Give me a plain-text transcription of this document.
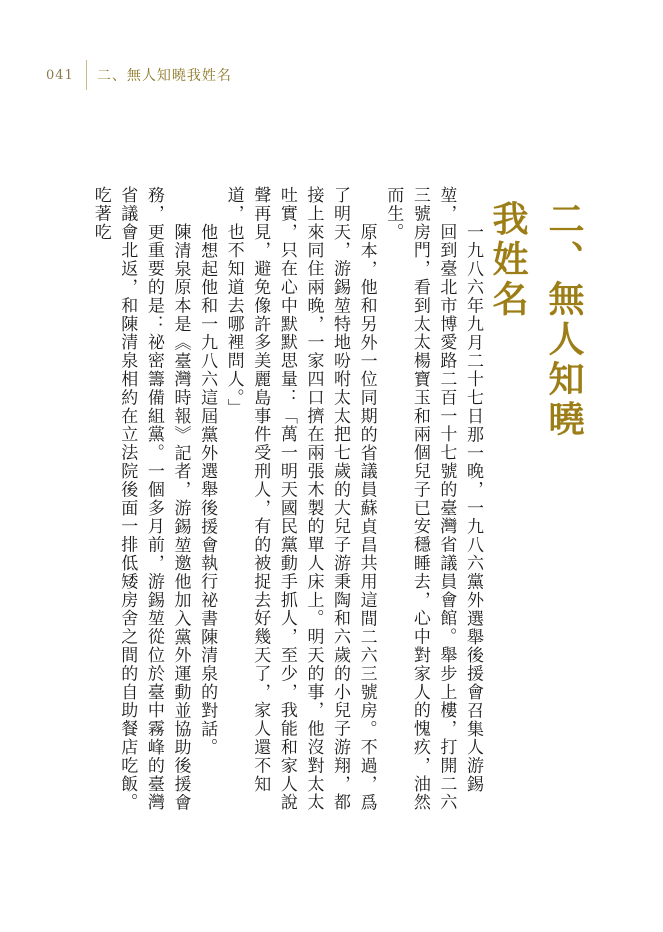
041 二、無人知曉我姓名
二、無人知曉我姓名

一九八六年九月二十七日那一晚，一九八六黨外選舉後援會召集人游錫堃，回到臺北市博愛路二百一十七號的臺灣省議員會館。舉步上樓，打開二六三號房門，看到太太楊寶玉和兩個兒子已安穩睡去，心中對家人的愧疚，油然而生。

原本，他和另外一位同期的省議員蘇貞昌共用這間二六三號房。不過，爲了明天，游錫堃特地吩咐太太把七歲的大兒子游秉陶和六歲的小兒子游翔，都接上來同住兩晚，一家四口擠在兩張木製的單人床上。明天的事，他沒對太太吐實，只在心中默默思量：「萬一明天國民黨動手抓人，至少，我能和家人說聲再見，避免像許多美麗島事件受刑人，有的被捉去好幾天了，家人還不知道，也不知道去哪裡問人。」

他想起他和一九八六這屆黨外選舉後援會執行祕書陳清泉的對話。

陳清泉原本是《臺灣時報》記者，游錫堃邀他加入黨外運動並協助後援會務，更重要的是：祕密籌備組黨。一個多月前，游錫堃從位於臺中霧峰的臺灣省議會北返，和陳清泉相約在立法院後面一排低矮房舍之間的自助餐店吃飯。吃著吃
